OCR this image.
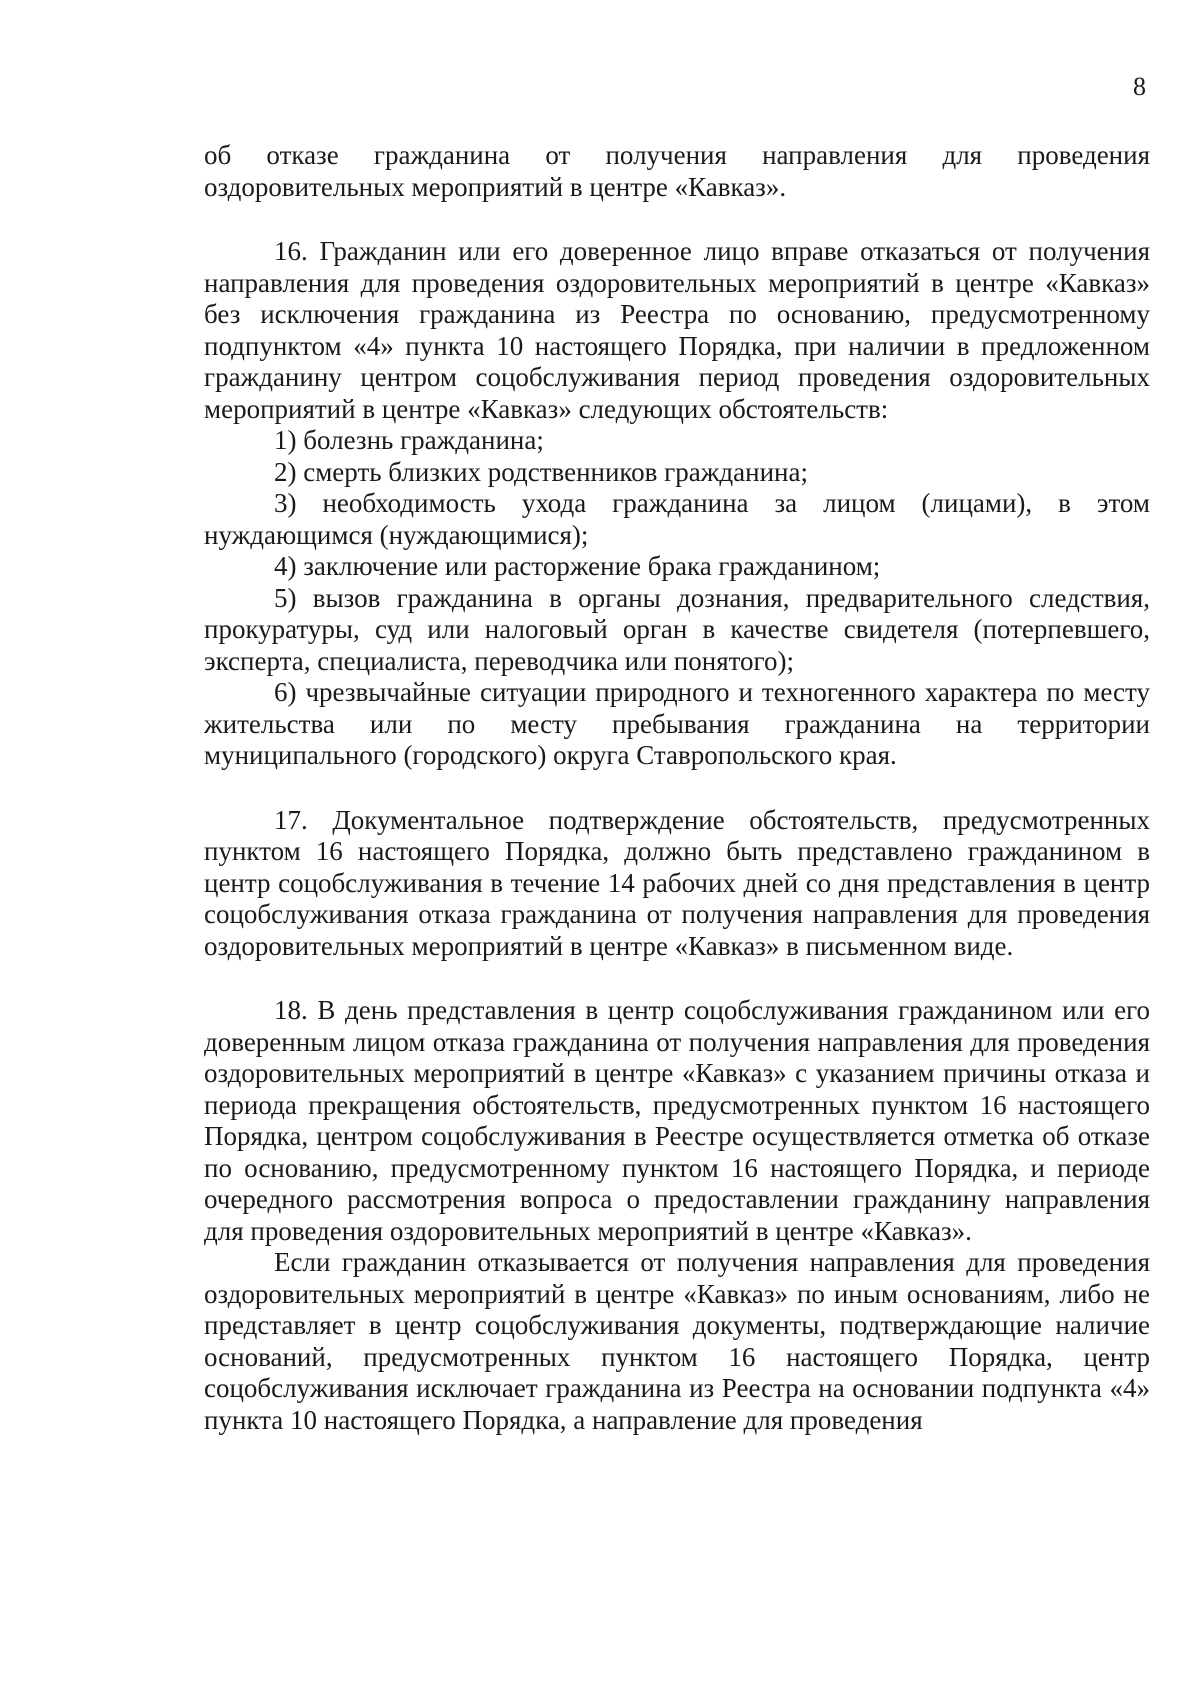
8

об отказе гражданина от получения направления для проведения оздоровительных мероприятий в центре «Кавказ».

16. Гражданин или его доверенное лицо вправе отказаться от получения направления для проведения оздоровительных мероприятий в центре «Кавказ» без исключения гражданина из Реестра по основанию, предусмотренному подпунктом «4» пункта 10 настоящего Порядка, при наличии в предложенном гражданину центром соцобслуживания период проведения оздоровительных мероприятий в центре «Кавказ» следующих обстоятельств:

1) болезнь гражданина;

2) смерть близких родственников гражданина;

3) необходимость ухода гражданина за лицом (лицами), в этом нуждающимся (нуждающимися);

4) заключение или расторжение брака гражданином;

5) вызов гражданина в органы дознания, предварительного следствия, прокуратуры, суд или налоговый орган в качестве свидетеля (потерпевшего, эксперта, специалиста, переводчика или понятого);

6) чрезвычайные ситуации природного и техногенного характера по месту жительства или по месту пребывания гражданина на территории муниципального (городского) округа Ставропольского края.

17. Документальное подтверждение обстоятельств, предусмотренных пунктом 16 настоящего Порядка, должно быть представлено гражданином в центр соцобслуживания в течение 14 рабочих дней со дня представления в центр соцобслуживания отказа гражданина от получения направления для проведения оздоровительных мероприятий в центре «Кавказ» в письменном виде.

18. В день представления в центр соцобслуживания гражданином или его доверенным лицом отказа гражданина от получения направления для проведения оздоровительных мероприятий в центре «Кавказ» с указанием причины отказа и периода прекращения обстоятельств, предусмотренных пунктом 16 настоящего Порядка, центром соцобслуживания в Реестре осуществляется отметка об отказе по основанию, предусмотренному пунктом 16 настоящего Порядка, и периоде очередного рассмотрения вопроса о предоставлении гражданину направления для проведения оздоровительных мероприятий в центре «Кавказ».

Если гражданин отказывается от получения направления для проведения оздоровительных мероприятий в центре «Кавказ» по иным основаниям, либо не представляет в центр соцобслуживания документы, подтверждающие наличие оснований, предусмотренных пунктом 16 настоящего Порядка, центр соцобслуживания исключает гражданина из Реестра на основании подпункта «4» пункта 10 настоящего Порядка, а направление для проведения
